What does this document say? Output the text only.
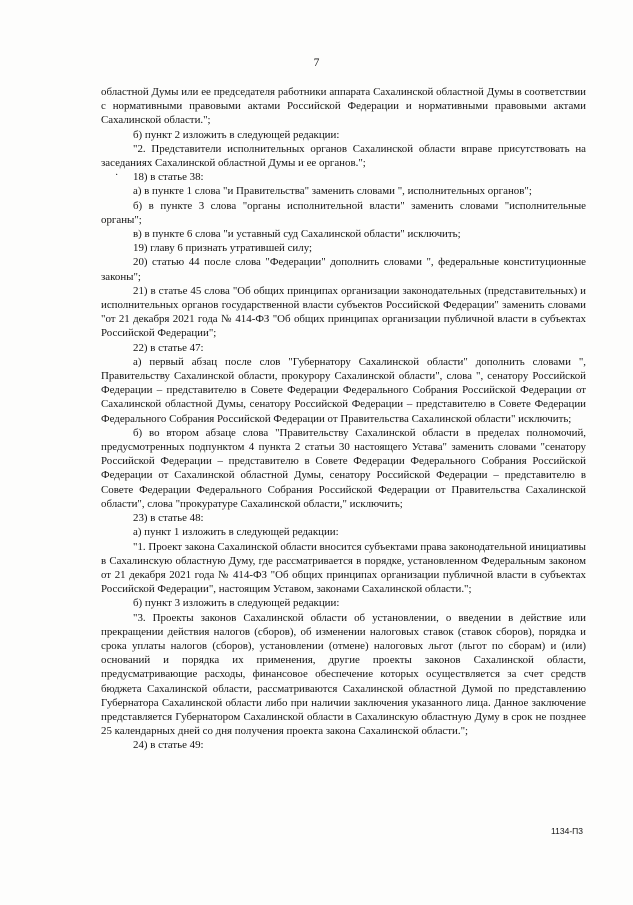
7
·

областной Думы или ее председателя работники аппарата Сахалинской областной Думы в соответствии с нормативными правовыми актами Российской Федерации и нормативными правовыми актами Сахалинской области.";

б) пункт 2 изложить в следующей редакции:

"2. Представители исполнительных органов Сахалинской области вправе присутствовать на заседаниях Сахалинской областной Думы и ее органов.";

18) в статье 38:

а) в пункте 1 слова "и Правительства" заменить словами ", исполнительных органов";

б) в пункте 3 слова "органы исполнительной власти" заменить словами "исполнительные органы";

в) в пункте 6 слова "и уставный суд Сахалинской области" исключить;

19) главу 6 признать утратившей силу;

20) статью 44 после слова "Федерации" дополнить словами ", федеральные конституционные законы";

21) в статье 45 слова "Об общих принципах организации законодательных (представительных) и исполнительных органов государственной власти субъектов Российской Федерации" заменить словами "от 21 декабря 2021 года № 414-ФЗ "Об общих принципах организации публичной власти в субъектах Российской Федерации";

22) в статье 47:

а) первый абзац после слов "Губернатору Сахалинской области" дополнить словами ", Правительству Сахалинской области, прокурору Сахалинской области", слова ", сенатору Российской Федерации – представителю в Совете Федерации Федерального Собрания Российской Федерации от Сахалинской областной Думы, сенатору Российской Федерации – представителю в Совете Федерации Федерального Собрания Российской Федерации от Правительства Сахалинской области" исключить;

б) во втором абзаце слова "Правительству Сахалинской области в пределах полномочий, предусмотренных подпунктом 4 пункта 2 статьи 30 настоящего Устава" заменить словами "сенатору Российской Федерации – представителю в Совете Федерации Федерального Собрания Российской Федерации от Сахалинской областной Думы, сенатору Российской Федерации – представителю в Совете Федерации Федерального Собрания Российской Федерации от Правительства Сахалинской области", слова "прокуратуре Сахалинской области," исключить;

23) в статье 48:

а) пункт 1 изложить в следующей редакции:

"1. Проект закона Сахалинской области вносится субъектами права законодательной инициативы в Сахалинскую областную Думу, где рассматривается в порядке, установленном Федеральным законом от 21 декабря 2021 года № 414-ФЗ "Об общих принципах организации публичной власти в субъектах Российской Федерации", настоящим Уставом, законами Сахалинской области.";

б) пункт 3 изложить в следующей редакции:

"3. Проекты законов Сахалинской области об установлении, о введении в действие или прекращении действия налогов (сборов), об изменении налоговых ставок (ставок сборов), порядка и срока уплаты налогов (сборов), установлении (отмене) налоговых льгот (льгот по сборам) и (или) оснований и порядка их применения, другие проекты законов Сахалинской области, предусматривающие расходы, финансовое обеспечение которых осуществляется за счет средств бюджета Сахалинской области, рассматриваются Сахалинской областной Думой по представлению Губернатора Сахалинской области либо при наличии заключения указанного лица. Данное заключение представляется Губернатором Сахалинской области в Сахалинскую областную Думу в срок не позднее 25 календарных дней со дня получения проекта закона Сахалинской области.";

24) в статье 49:

1134-П3
